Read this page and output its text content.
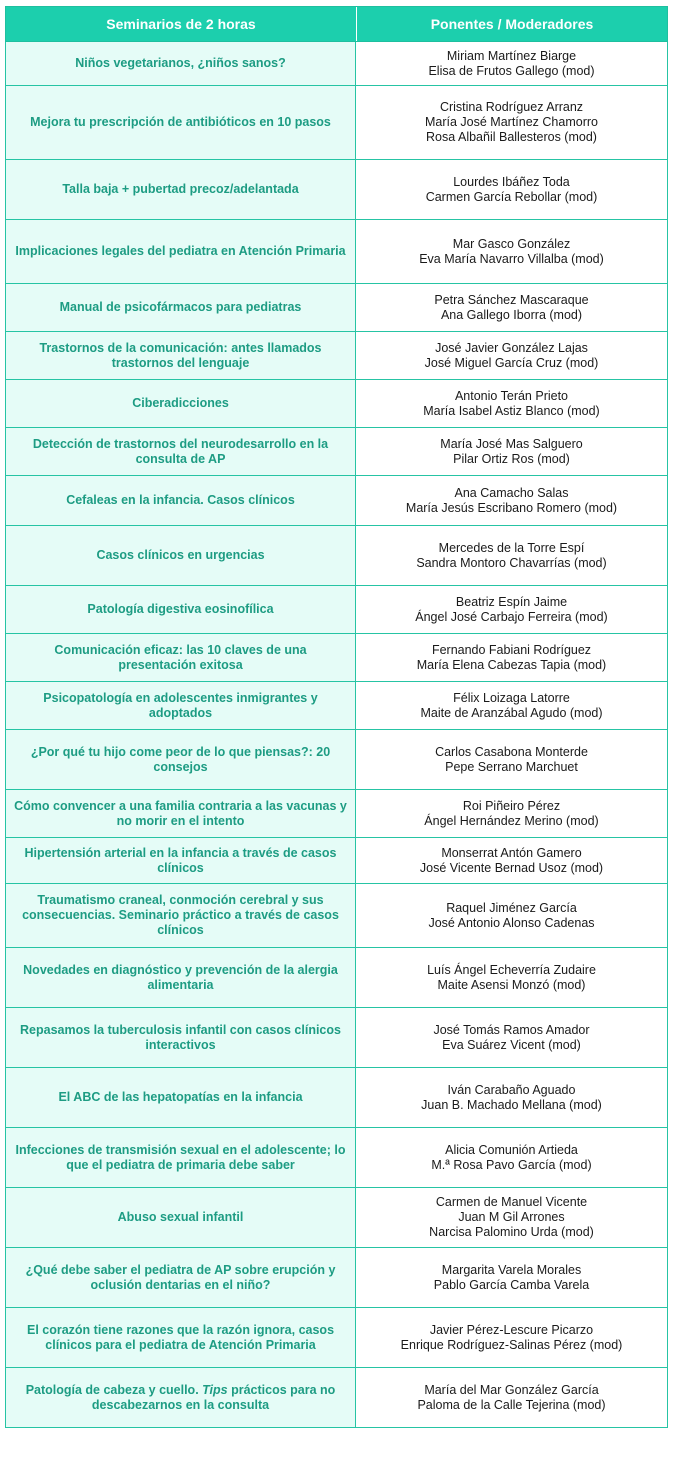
Seminarios de 2 horas	Ponentes / Moderadores
Niños vegetarianos, ¿niños sanos?
Miriam Martínez Biarge
Elisa de Frutos Gallego (mod)
Mejora tu prescripción de antibióticos en 10 pasos
Cristina Rodríguez Arranz
María José Martínez Chamorro
Rosa Albañil Ballesteros (mod)
Talla baja + pubertad precoz/adelantada
Lourdes Ibáñez Toda
Carmen García Rebollar (mod)
Implicaciones legales del pediatra en Atención Primaria
Mar Gasco González
Eva María Navarro Villalba (mod)
Manual de psicofármacos para pediatras
Petra Sánchez Mascaraque
Ana Gallego Iborra (mod)
Trastornos de la comunicación: antes llamados trastornos del lenguaje
José Javier González Lajas
José Miguel García Cruz (mod)
Ciberadicciones
Antonio Terán Prieto
María Isabel Astiz Blanco (mod)
Detección de trastornos del neurodesarrollo en la consulta de AP
María José Mas Salguero
Pilar Ortiz Ros (mod)
Cefaleas en la infancia. Casos clínicos
Ana Camacho Salas
María Jesús Escribano Romero (mod)
Casos clínicos en urgencias
Mercedes de la Torre Espí
Sandra Montoro Chavarrías (mod)
Patología digestiva eosinofílica
Beatriz Espín Jaime
Ángel José Carbajo Ferreira (mod)
Comunicación eficaz: las 10 claves de una presentación exitosa
Fernando Fabiani Rodríguez
María Elena Cabezas Tapia (mod)
Psicopatología en adolescentes inmigrantes y adoptados
Félix Loizaga Latorre
Maite de Aranzábal Agudo (mod)
¿Por qué tu hijo come peor de lo que piensas?: 20 consejos
Carlos Casabona Monterde
Pepe Serrano Marchuet
Cómo convencer a una familia contraria a las vacunas y no morir en el intento
Roi Piñeiro Pérez
Ángel Hernández Merino (mod)
Hipertensión arterial en la infancia a través de casos clínicos
Monserrat Antón Gamero
José Vicente Bernad Usoz (mod)
Traumatismo craneal, conmoción cerebral y sus consecuencias. Seminario práctico a través de casos clínicos
Raquel Jiménez García
José Antonio Alonso Cadenas
Novedades en diagnóstico y prevención de la alergia alimentaria
Luís Ángel Echeverría Zudaire
Maite Asensi Monzó (mod)
Repasamos la tuberculosis infantil con casos clínicos interactivos
José Tomás Ramos Amador
Eva Suárez Vicent (mod)
El ABC de las hepatopatías en la infancia
Iván Carabaño Aguado
Juan B. Machado Mellana (mod)
Infecciones de transmisión sexual en el adolescente; lo que el pediatra de primaria debe saber
Alicia Comunión Artieda
M.ª Rosa Pavo García (mod)
Abuso sexual infantil
Carmen de Manuel Vicente
Juan M Gil Arrones
Narcisa Palomino Urda (mod)
¿Qué debe saber el pediatra de AP sobre erupción y oclusión dentarias en el niño?
Margarita Varela Morales
Pablo García Camba Varela
El corazón tiene razones que la razón ignora, casos clínicos para el pediatra de Atención Primaria
Javier Pérez-Lescure Picarzo
Enrique Rodríguez-Salinas Pérez (mod)
Patología de cabeza y cuello. Tips prácticos para no descabezarnos en la consulta
María del Mar González García
Paloma de la Calle Tejerina (mod)
